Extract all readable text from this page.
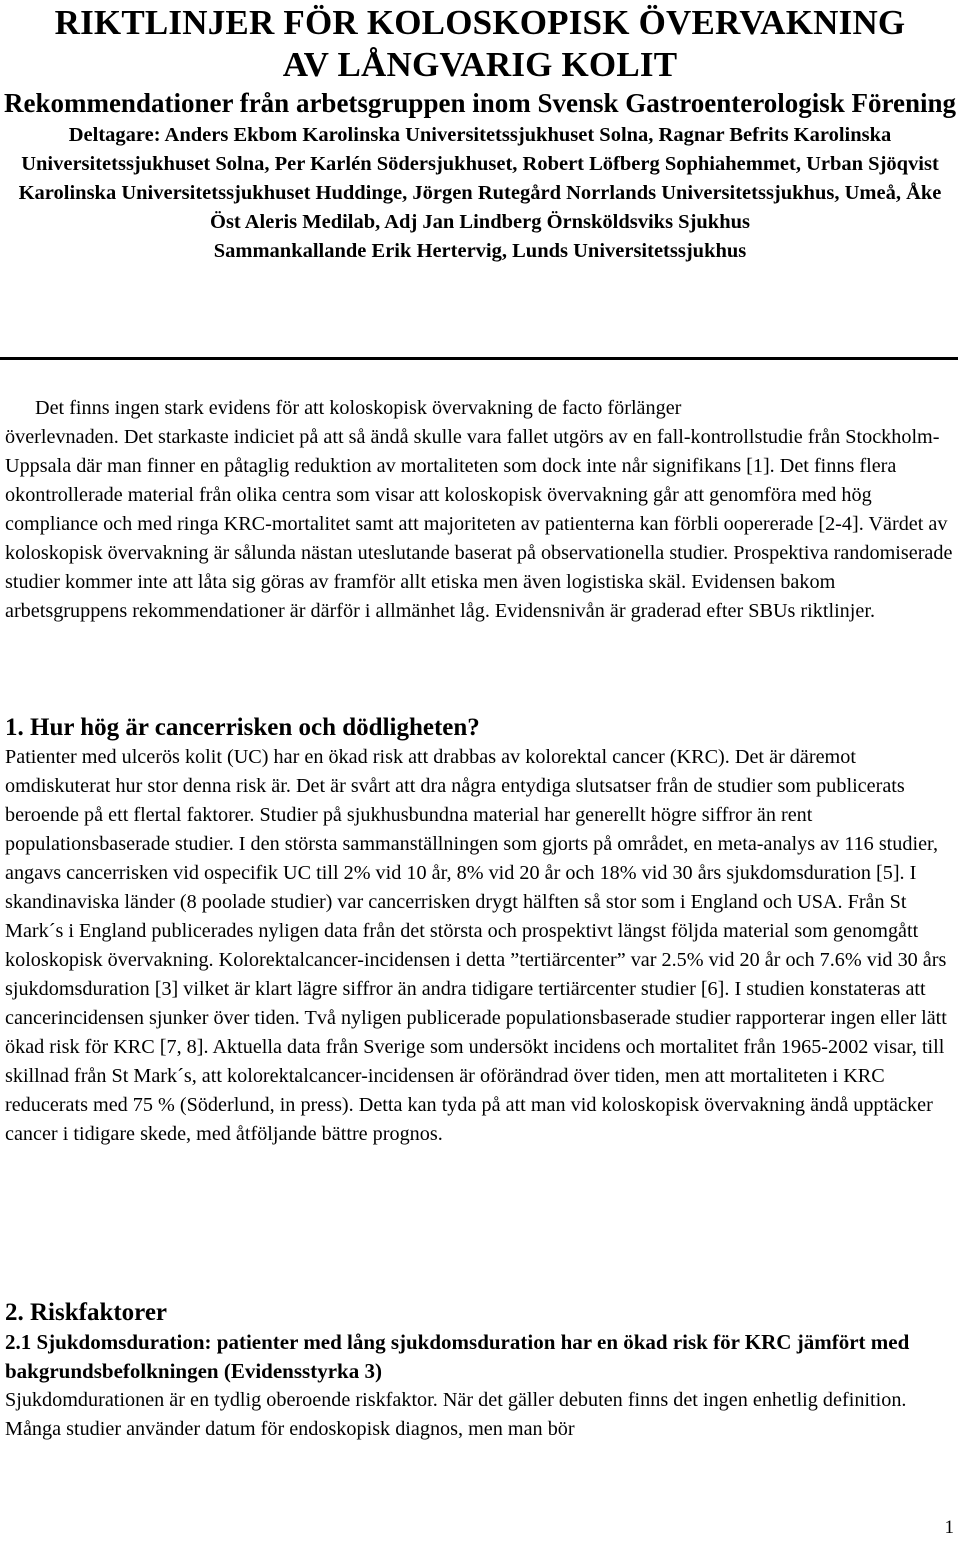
RIKTLINJER FÖR KOLOSKOPISK ÖVERVAKNING
AV LÅNGVARIG KOLIT
Rekommendationer från arbetsgruppen inom Svensk Gastroenterologisk Förening
Deltagare: Anders Ekbom Karolinska Universitetssjukhuset Solna, Ragnar Befrits Karolinska Universitetssjukhuset Solna, Per Karlén Södersjukhuset, Robert Löfberg Sophiahemmet, Urban Sjöqvist Karolinska Universitetssjukhuset Huddinge, Jörgen Rutegård Norrlands Universitetssjukhus, Umeå, Åke Öst Aleris Medilab, Adj Jan Lindberg Örnsköldsviks Sjukhus
Sammankallande Erik Hertervig, Lunds Universitetssjukhus
Det finns ingen stark evidens för att koloskopisk övervakning de facto förlänger
överlevnaden. Det starkaste indiciet på att så ändå skulle vara fallet utgörs av en fall-kontrollstudie från Stockholm-Uppsala där man finner en påtaglig reduktion av mortaliteten som dock inte når signifikans [1]. Det finns flera okontrollerade material från olika centra som visar att koloskopisk övervakning går att genomföra med hög compliance och med ringa KRC-mortalitet samt att majoriteten av patienterna kan förbli oopererade [2-4]. Värdet av koloskopisk övervakning är sålunda nästan uteslutande baserat på observationella studier. Prospektiva randomiserade studier kommer inte att låta sig göras av framför allt etiska men även logistiska skäl. Evidensen bakom arbetsgruppens rekommendationer är därför i allmänhet låg. Evidensnivån är graderad efter SBUs riktlinjer.
1. Hur hög är cancerrisken och dödligheten?
Patienter med ulcerös kolit (UC) har en ökad risk att drabbas av kolorektal cancer (KRC). Det är däremot omdiskuterat hur stor denna risk är. Det är svårt att dra några entydiga slutsatser från de studier som publicerats beroende på ett flertal faktorer. Studier på sjukhusbundna material har generellt högre siffror än rent populationsbaserade studier. I den största sammanställningen som gjorts på området, en meta-analys av 116 studier, angavs cancerrisken vid ospecifik UC till 2% vid 10 år, 8% vid 20 år och 18% vid 30 års sjukdomsduration [5]. I skandinaviska länder (8 poolade studier) var cancerrisken drygt hälften så stor som i England och USA. Från St Mark´s i England publicerades nyligen data från det största och prospektivt längst följda material som genomgått koloskopisk övervakning. Kolorektalcancer-incidensen i detta ”tertiärcenter” var 2.5% vid 20 år och 7.6% vid 30 års sjukdomsduration [3] vilket är klart lägre siffror än andra tidigare tertiärcenter studier [6]. I studien konstateras att cancerincidensen sjunker över tiden. Två nyligen publicerade populationsbaserade studier rapporterar ingen eller lätt ökad risk för KRC [7, 8]. Aktuella data från Sverige som undersökt incidens och mortalitet från 1965-2002 visar, till skillnad från St Mark´s, att kolorektalcancer-incidensen är oförändrad över tiden, men att mortaliteten i KRC reducerats med 75 % (Söderlund, in press). Detta kan tyda på att man vid koloskopisk övervakning ändå upptäcker cancer i tidigare skede, med åtföljande bättre prognos.
2. Riskfaktorer
2.1 Sjukdomsduration: patienter med lång sjukdomsduration har en ökad risk för KRC jämfört med bakgrundsbefolkningen (Evidensstyrka 3)
Sjukdomdurationen är en tydlig oberoende riskfaktor. När det gäller debuten finns det ingen enhetlig definition. Många studier använder datum för endoskopisk diagnos, men man bör
1
